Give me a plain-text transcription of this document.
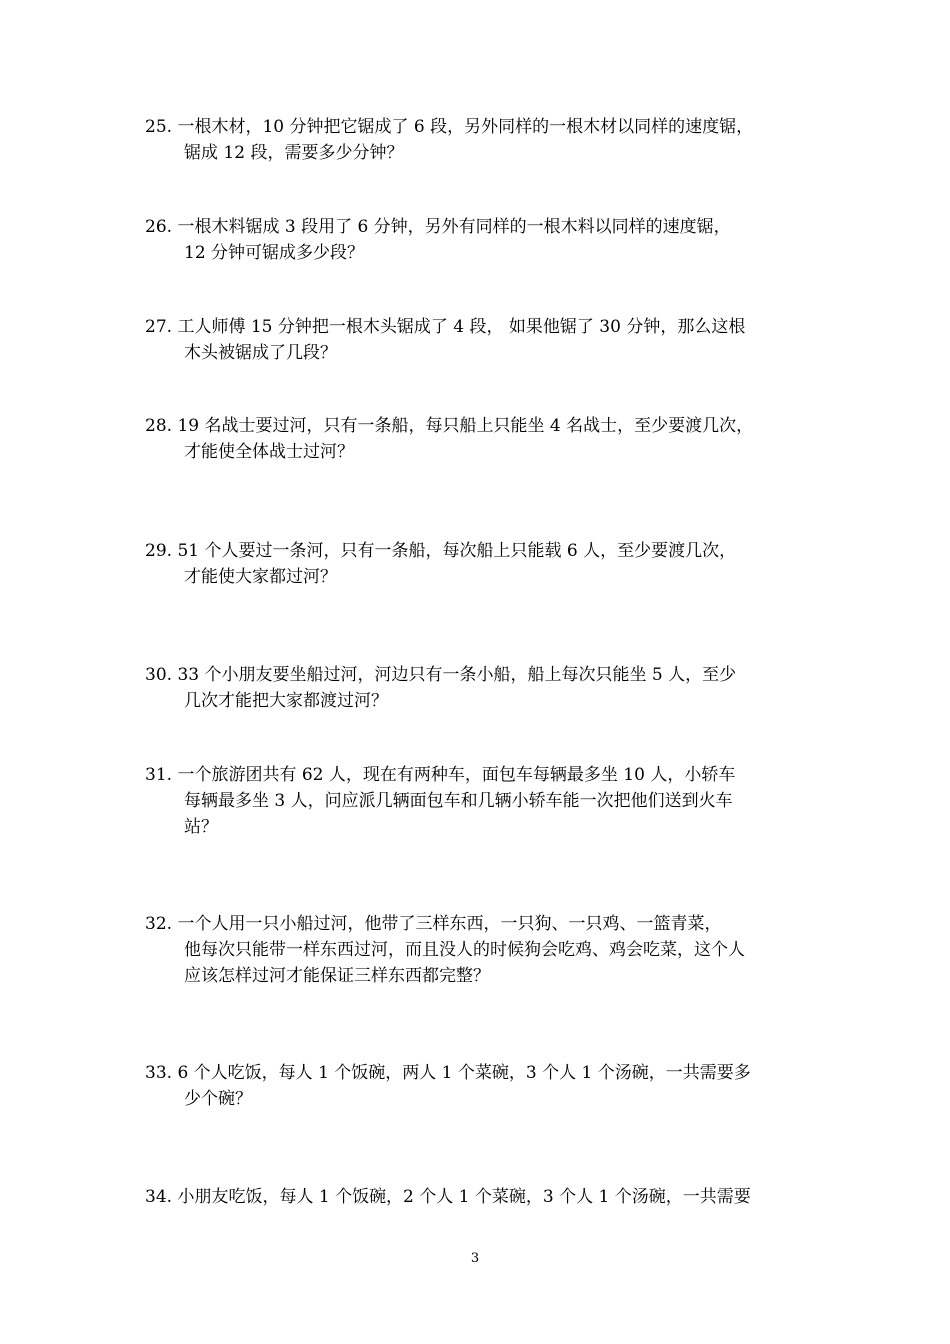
25. 一根木材，10 分钟把它锯成了 6 段，另外同样的一根木材以同样的速度锯，
锯成 12 段，需要多少分钟？
26. 一根木料锯成 3 段用了 6 分钟，另外有同样的一根木料以同样的速度锯，
12 分钟可锯成多少段？
27. 工人师傅 15 分钟把一根木头锯成了 4 段， 如果他锯了 30 分钟，那么这根
木头被锯成了几段？
28. 19 名战士要过河，只有一条船，每只船上只能坐 4 名战士，至少要渡几次，
才能使全体战士过河？
29. 51 个人要过一条河，只有一条船，每次船上只能载 6 人，至少要渡几次，
才能使大家都过河？
30. 33 个小朋友要坐船过河，河边只有一条小船，船上每次只能坐 5 人，至少
几次才能把大家都渡过河？
31. 一个旅游团共有 62 人，现在有两种车，面包车每辆最多坐 10 人，小轿车
每辆最多坐 3 人，问应派几辆面包车和几辆小轿车能一次把他们送到火车
站？
32. 一个人用一只小船过河，他带了三样东西，一只狗、一只鸡、一篮青菜，
他每次只能带一样东西过河，而且没人的时候狗会吃鸡、鸡会吃菜，这个人
应该怎样过河才能保证三样东西都完整？
33. 6 个人吃饭，每人 1 个饭碗，两人 1 个菜碗，3 个人 1 个汤碗，一共需要多
少个碗？
34. 小朋友吃饭，每人 1 个饭碗，2 个人 1 个菜碗，3 个人 1 个汤碗，一共需要
3
